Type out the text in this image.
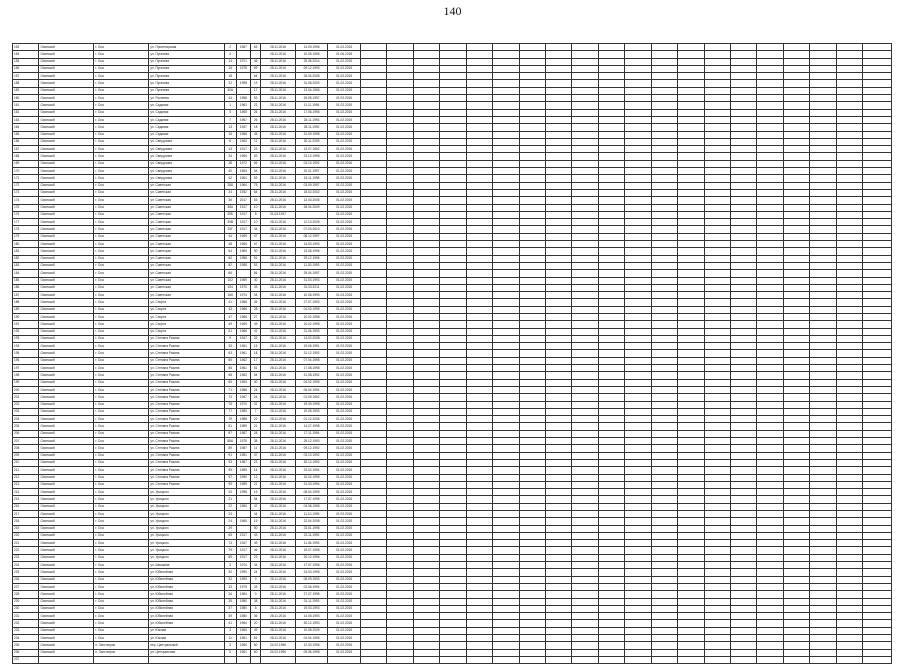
140
153	Осинский	г. Оса	ул. Пролетарская	2	1967	63	28.11.2016	14.09.1996	01.02.2015																				
154	Осинский	г. Оса	ул. Пугачева	4			28.11.2016	10.05.1995	01.06.2018																				
155	Осинский	г. Оса	ул. Пугачева	14	1971	46	28.11.2016	25.06.2014	01.02.2015																				
156	Осинский	г. Оса	ул. Пугачева	16	1978	59	28.11.2016	09.12.1993	01.02.2015																				
157	Осинский	г. Оса	ул. Пугачева	18		64	28.11.2016	28.04.2008	01.02.2015																				
158	Осинский	г. Оса	ул. Пугачева	22	1998	19	28.11.2016	31.08.2000	01.02.2015																				
159	Осинский	г. Оса	ул. Пугачева	30А		17	28.11.2016	13.04.1996	01.02.2015																				
160	Осинский	г. Оса	ул. Рылеева	44	1958	53	28.11.2016	26.05.1997	01.02.2015																				
161	Осинский	г. Оса	ул. Садовая	1	1963	23	28.11.2016	11.11.1994	01.02.2015																				
162	Осинский	г. Оса	ул. Садовая	5	1965	26	28.11.2016	17.06.1996	01.02.2015																				
163	Осинский	г. Оса	ул. Садовая	7	1967	26	28.11.2016	25.11.1993	01.02.2015																				
164	Осинский	г. Оса	ул. Садовая	13	1947	18	28.11.2016	28.11.1992	01.02.2015																				
165	Осинский	г. Оса	ул. Садовая	15	1968	45	28.11.2016	31.09.1998	01.02.2015																				
166	Осинский	г. Оса	ул. Свердлова	6	1963	11	28.11.2016	30.11.2009	01.02.2015																				
167	Осинский	г. Оса	ул. Свердлова	13	1917	23	28.11.2016	13.07.1992	01.02.2015																				
168	Осинский	г. Оса	ул. Свердлова	34	1965	53	28.11.2016	23.12.1998	01.02.2015																				
169	Осинский	г. Оса	ул. Свердлова	38	1972	56	28.11.2016	03.10.1992	01.02.2016																				
170	Осинский	г. Оса	ул. Свердлова	40	1963	54	28.11.2016	20.01.1997	01.02.2015																				
171	Осинский	г. Оса	ул. Свердлова	42	1961	53	28.11.2016	15.11.1998	01.02.2015																				
172	Осинский	г. Оса	ул. Советская	28А	1964	75	28.11.2016	03.09.1997	01.02.2015																				
173	Осинский	г. Оса	ул. Советская	24	1932	64	28.11.2016	18.02.2002	01.02.2015																				
174	Осинский	г. Оса	ул. Советская	36	2017	53	28.11.2016	13.03.2005	01.02.2015																				
175	Осинский	г. Оса	ул. Советская	38А	1917	10	28.11.2016	28.04.2009	01.02.2015																				
176	Осинский	г. Оса	ул. Советская	39Б	1917	8	31.03.1937		01.02.2015																				
177	Осинский	г. Оса	ул. Советская	39В	1917	10	28.11.2016	12.10.2009	01.02.2015																				
178	Осинский	г. Оса	ул. Советская	39Г	1917	44	28.11.2016	07.03.2010	01.02.2015																				
179	Осинский	г. Оса	ул. Советская	44	1969	47	28.11.2016	08.12.1997	01.02.2015																				
180	Осинский	г. Оса	ул. Советская	48	1965	67	28.11.2016	14.03.1993	01.02.2015																				
181	Осинский	г. Оса	ул. Советская	54	1960	50	28.11.2016	13.06.1996	01.02.2015																				
182	Осинский	г. Оса	ул. Советская	60	1958	51	28.11.2016	29.12.1996	01.02.2015																				
183	Осинский	г. Оса	ул. Советская	82	1958	53	28.11.2016	11.03.1993	01.02.2015																				
184	Осинский	г. Оса	ул. Советская	86		56	28.11.2016	29.04.1997	01.02.2015																				
185	Осинский	г. Оса	ул. Советская	102	1969	40	28.11.2016	31.03.1993	01.02.2015																				
186	Осинский	г. Оса	ул. Советская	154	1970	33	28.11.2016	31.03.2011	01.02.2015																				
187	Осинский	г. Оса	ул. Советская	166	1974	34	28.11.2016	10.06.1993	01.03.2015																				
188	Осинский	г. Оса	ул. Спорта	41	1968	45	28.11.2016	27.07.1993	01.02.2015																				
189	Осинский	г. Оса	ул. Спорта	43	1968	28	28.11.2016	04.03.1995	01.02.2015																				
190	Осинский	г. Оса	ул. Спорта	47	1968	27	28.11.2016	10.02.1998	01.02.2015																				
191	Осинский	г. Оса	ул. Спорта	49	1969	49	28.11.2016	10.02.1998	01.02.2015																				
192	Осинский	г. Оса	ул. Спорта	51	1966	41	28.11.2016	21.06.1993	01.02.2015																				
193	Осинский	г. Оса	ул. Степана Разина	9	1947	32	28.11.2016	14.02.2008	01.02.2015																				
194	Осинский	г. Оса	ул. Степана Разина	33	1961	15	28.11.2016	19.06.1991	01.02.2015																				
195	Осинский	г. Оса	ул. Степана Разина	63	1961	18	28.11.2016	31.12.1992	01.02.2015																				
196	Осинский	г. Оса	ул. Степана Разина	65	1962	17	28.11.2016	07.04.1998	01.02.2015																				
197	Осинский	г. Оса	ул. Степана Разина	66	1961	51	28.11.2016	17.08.1998	01.02.2015																				
198	Осинский	г. Оса	ул. Степана Разина	68	1963	54	28.11.2016	31.08.1992	01.02.2015																				
199	Осинский	г. Оса	ул. Степана Разина	69	1963	40	28.11.2016	04.02.1999	01.02.2015																				
200	Осинский	г. Оса	ул. Степана Разина	71	1986	24	28.11.2016	06.04.1994	01.02.2015																				
201	Осинский	г. Оса	ул. Степана Разина	73	1967	24	28.11.2016	01.09.1992	01.02.2015																				
202	Осинский	г. Оса	ул. Степана Разина	76	1970	31	28.11.2016	19.09.1995	01.02.2015																				
203	Осинский	г. Оса	ул. Степана Разина	77	1980	7	28.11.2016	19.05.1993	01.02.2015																				
204	Осинский	г. Оса	ул. Степана Разина	79	1986	22	28.11.2016	01.12.2006	01.02.2015																				
205	Осинский	г. Оса	ул. Степана Разина	81	1989	21	28.11.2016	14.07.1998	01.02.2015																				
206	Осинский	г. Оса	ул. Степана Разина	87	1987	28	28.11.2016	17.11.1994	01.02.2015																				
207	Осинский	г. Оса	ул. Степана Разина	88А	1975	38	28.11.2016	29.12.1993	01.02.2015																				
208	Осинский	г. Оса	ул. Степана Разина	89	1987	11	28.11.2016	09.12.1992	01.02.2015																				
209	Осинский	г. Оса	ул. Степана Разина	91	1981	37	28.11.2016	03.10.1992	01.02.2015																				
210	Осинский	г. Оса	ул. Степана Разина	93	1987	23	28.11.2016	30.12.1992	01.02.2015																				
211	Осинский	г. Оса	ул. Степана Разина	95	1989	14	28.11.2016	23.02.1994	01.02.2015																				
212	Осинский	г. Оса	ул. Степана Разина	97	1990	12	28.11.2016	15.02.1995	01.02.2015																				
213	Осинский	г. Оса	ул. Степана Разина	99	1989	21	28.11.2016	31.03.1994	01.02.2015																				
214	Осинский	г. Оса	ул. Урицкого	20	1998	19	28.11.2016	08.04.1999	01.02.2015																				
215	Осинский	г. Оса	ул. Урицкого	21		54	28.11.2016	17.07.1995	01.02.2015																				
216	Осинский	г. Оса	ул. Урицкого	22	1960	47	28.11.2016	04.06.1995	01.02.2015																				
217	Осинский	г. Оса	ул. Урицкого	23		44	28.11.2016	11.10.1995	01.02.2015																				
218	Осинский	г. Оса	ул. Урицкого	24	1965	19	28.11.2016	22.04.2008	01.02.2015																				
219	Осинский	г. Оса	ул. Урицкого	29		50	28.11.2016	23.01.1996	01.02.2015																				
220	Осинский	г. Оса	ул. Урицкого	65	1917	43	28.11.2016	23.11.1992	01.02.2015																				
221	Осинский	г. Оса	ул. Урицкого	73	1947	49	28.11.2016	11.06.1993	01.02.2015																				
222	Осинский	г. Оса	ул. Урицкого	79	1917	46	28.11.2016	19.07.1998	01.02.2015																				
223	Осинский	г. Оса	ул. Урицкого	89	1917	23	28.11.2016	20.12.1996	01.02.2015																				
224	Осинский	г. Оса	ул. Шишкина	3	1974	44	28.11.2016	17.07.1996	01.02.2015																				
225	Осинский	г. Оса	ул. Юбилейная	30	1990	24	28.11.2016	24.03.1995	01.02.2015																				
226	Осинский	г. Оса	ул. Юбилейная	32	1990	9	28.11.2016	08.09.1993	01.02.2015																				
227	Осинский	г. Оса	ул. Юбилейная	33	1979	33	28.11.2016	02.06.1994	01.02.2015																				
228	Осинский	г. Оса	ул. Юбилейная	34	1984	0	28.11.2016	27.07.1995	01.02.2015																				
229	Осинский	г. Оса	ул. Юбилейная	35	1980	38	28.11.2016	01.11.1993	01.02.2015																				
230	Осинский	г. Оса	ул. Юбилейная	37	1980	6	28.11.2016	19.03.1993	01.02.2015																				
231	Осинский	г. Оса	ул. Юбилейная	39	1980	36	28.11.2016	14.05.1993	01.02.2015																				
232	Осинский	г. Оса	ул. Юбилейная	41	1964	20	28.11.2016	30.12.1993	01.02.2015																				
233	Осинский	г. Оса	ул. Южная	3	1960	49	28.11.2016	10.08.2009	01.02.2015																				
234	Осинский	г. Оса	ул. Южная	11	1961	51	28.11.2016	04.04.1995	01.02.2015																				
235	Осинский	п. Заготзерно	пер. Центральный	3	1960	60	24.02.1996	12.03.1996	01.02.2015																				
236	Осинский	п. Заготзерно	ул. Центральная	5	1961	60	24.02.1996	09.06.1998	01.02.2015																				
237																													
